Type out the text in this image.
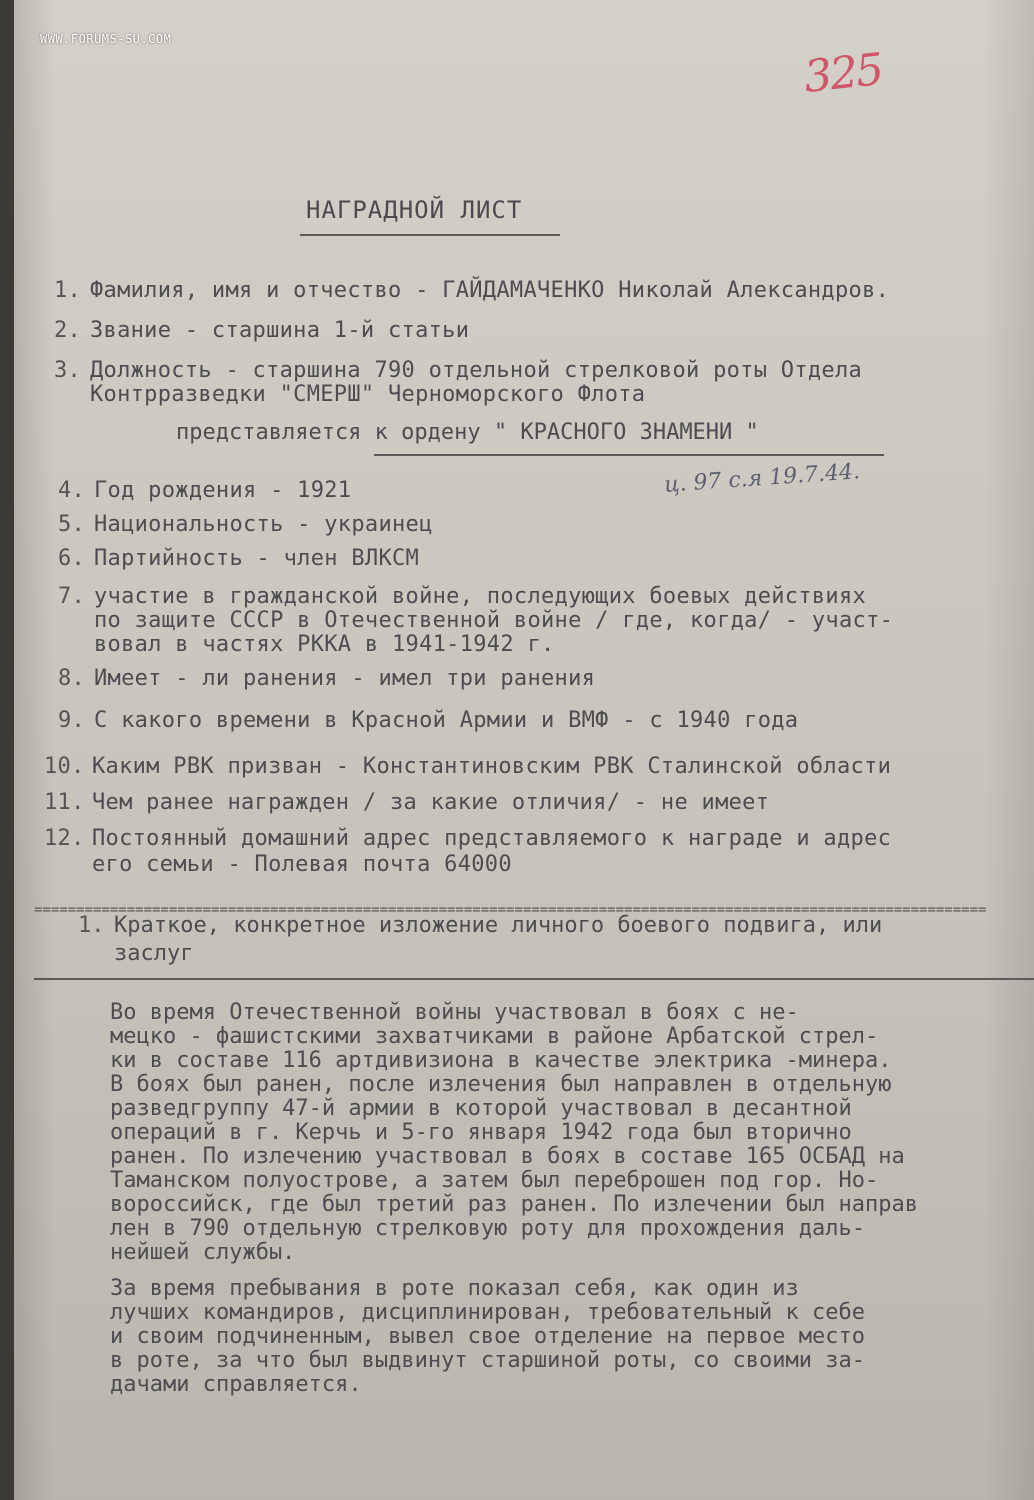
WWW.FORUMS-SU.COM
325
НАГРАДНОЙ ЛИСТ
1. Фамилия, имя и отчество - ГАЙДАМАЧЕНКО Николай Александров.
2. Звание - старшина 1-й статьи
3. Должность - старшина 790 отдельной стрелковой роты Отдела
Контрразведки "СМЕРШ" Черноморского Флота
представляется к ордену " КРАСНОГО ЗНАМЕНИ "
ц. 97 с.я 19.7.44.
4. Год рождения - 1921
5. Национальность - украинец
6. Партийность - член ВЛКСМ
7. участие в гражданской войне, последующих боевых действиях
по защите СССР в Отечественной войне / где, когда/ - участ-
вовал в частях РККА в 1941-1942 г.
8. Имеет - ли ранения - имел три ранения
9. С какого времени в Красной Армии и ВМФ - с 1940 года
10. Каким РВК призван - Константиновским РВК Сталинской области
11. Чем ранее награжден / за какие отличия/ - не имеет
12. Постоянный домашний адрес представляемого к награде и адрес
его семьи - Полевая почта 64000
=================================================================================================================
1. Краткое, конкретное изложение личного боевого подвига, или
заслуг
Во время Отечественной войны участвовал в боях с не-
мецко - фашистскими захватчиками в районе Арбатской стрел-
ки в составе 116 артдивизиона в качестве электрика -минера.
В боях был ранен, после излечения был направлен в отдельную
разведгруппу 47-й армии в которой участвовал в десантной
операций в г. Керчь и 5-го января 1942 года был вторично
ранен. По излечению участвовал в боях в составе 165 ОСБАД на
Таманском полуострове, а затем был переброшен под гор. Но-
вороссийск, где был третий раз ранен. По излечении был направ
лен в 790 отдельную стрелковую роту для прохождения даль-
нейшей службы.
За время пребывания в роте показал себя, как один из
лучших командиров, дисциплинирован, требовательный к себе
и своим подчиненным, вывел свое отделение на первое место
в роте, за что был выдвинут старшиной роты, со своими за-
дачами справляется.
